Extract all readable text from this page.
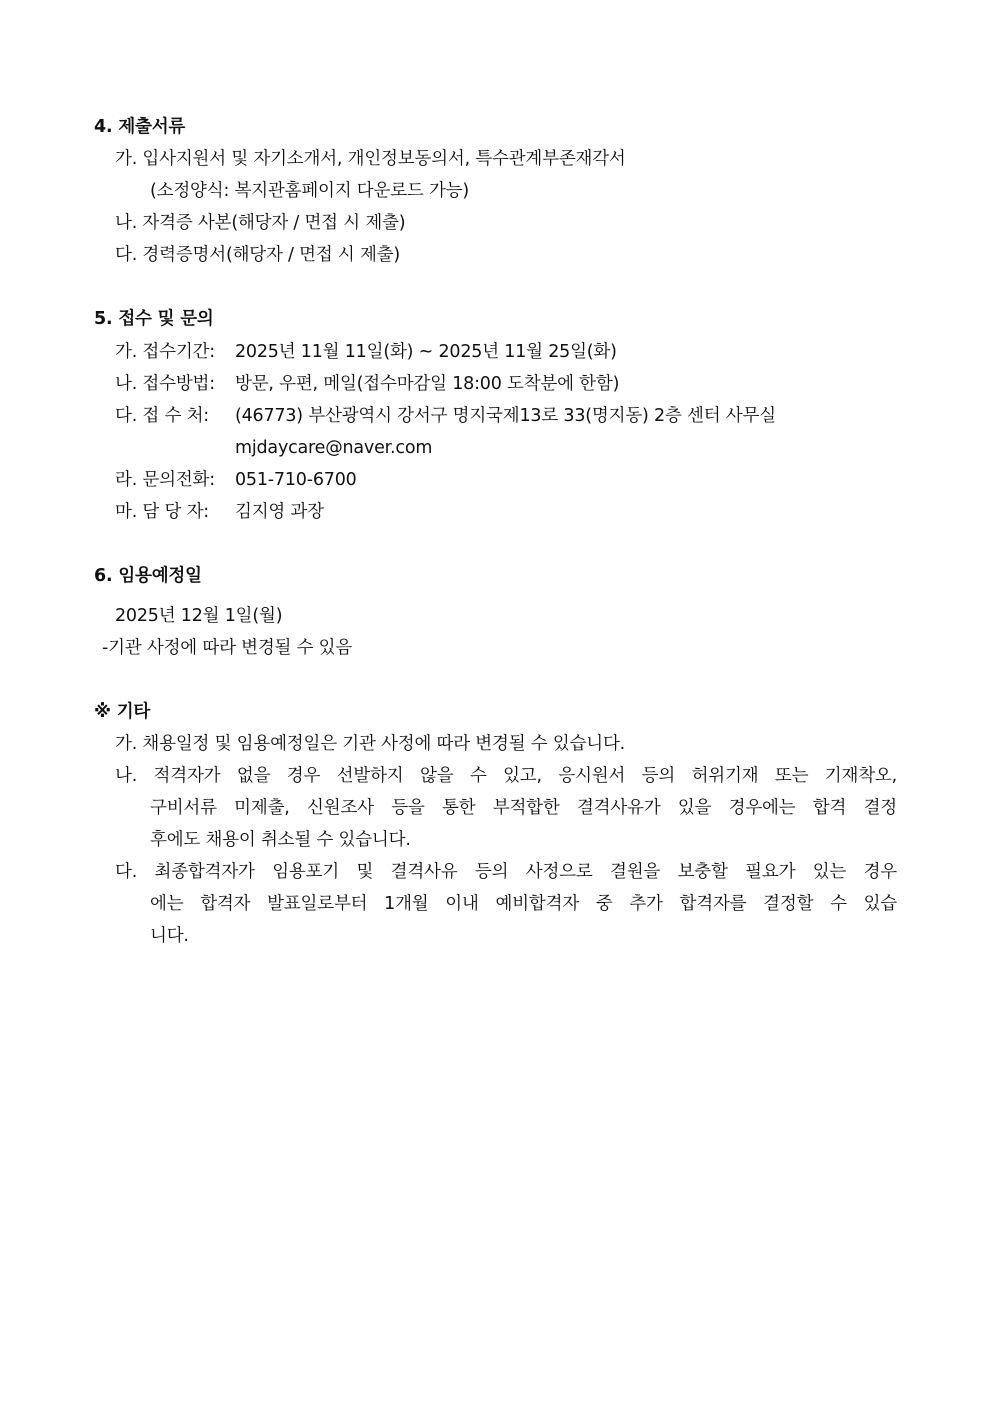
4. 제출서류
가. 입사지원서 및 자기소개서, 개인정보동의서, 특수관계부존재각서
(소정양식: 복지관홈페이지 다운로드 가능)
나. 자격증 사본(해당자 / 면접 시 제출)
다. 경력증명서(해당자 / 면접 시 제출)
5. 접수 및 문의
가. 접수기간: 2025년 11월 11일(화) ~ 2025년 11월 25일(화)
나. 접수방법: 방문, 우편, 메일(접수마감일 18:00 도착분에 한함)
다. 접 수 처: (46773) 부산광역시 강서구 명지국제13로 33(명지동) 2층 센터 사무실
mjdaycare@naver.com
라. 문의전화: 051-710-6700
마. 담 당 자: 김지영 과장
6. 임용예정일
2025년 12월 1일(월)
-기관 사정에 따라 변경될 수 있음
※ 기타
가. 채용일정 및 임용예정일은 기관 사정에 따라 변경될 수 있습니다.
나. 적격자가 없을 경우 선발하지 않을 수 있고, 응시원서 등의 허위기재 또는 기재착오,
구비서류 미제출, 신원조사 등을 통한 부적합한 결격사유가 있을 경우에는 합격 결정
후에도 채용이 취소될 수 있습니다.
다. 최종합격자가 임용포기 및 결격사유 등의 사정으로 결원을 보충할 필요가 있는 경우
에는 합격자 발표일로부터 1개월 이내 예비합격자 중 추가 합격자를 결정할 수 있습
니다.
